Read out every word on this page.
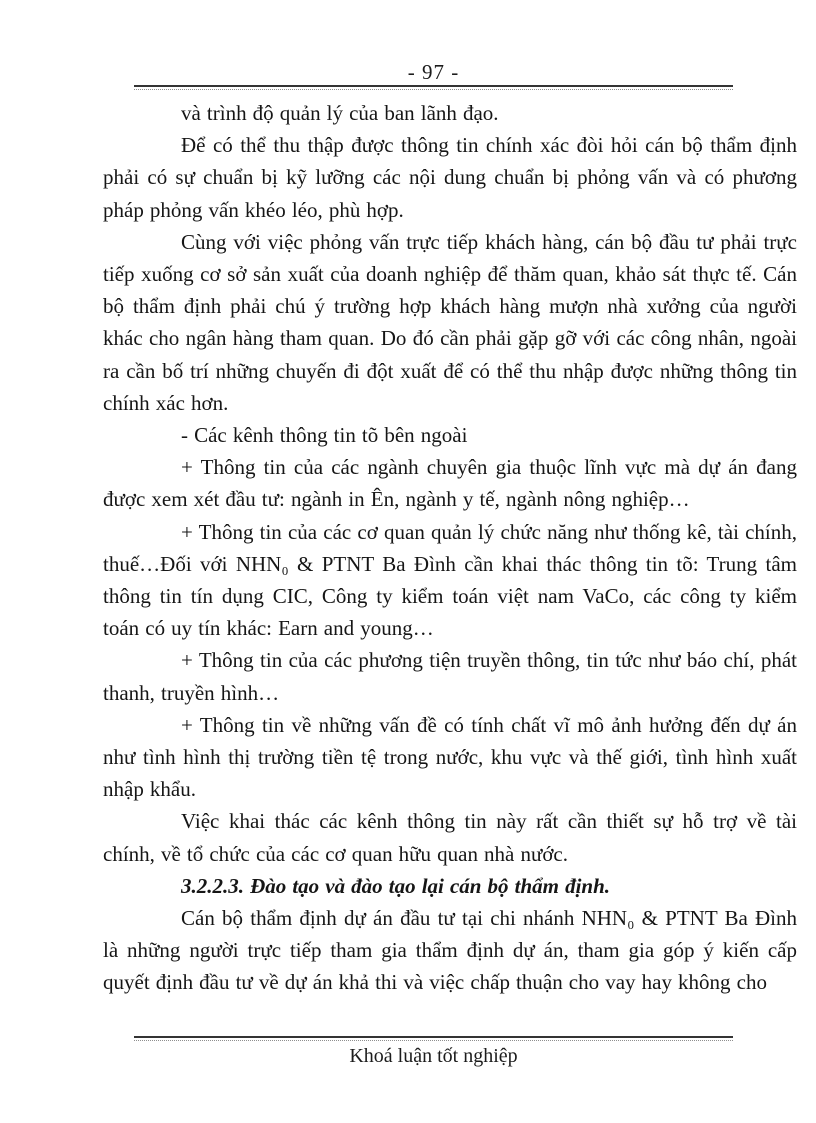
- 97 -

và trình độ quản lý của ban lãnh đạo.

Để có thể thu thập được thông tin chính xác đòi hỏi cán bộ thẩm định phải có sự chuẩn bị kỹ lưỡng các nội dung chuẩn bị phỏng vấn và có phương pháp phỏng vấn khéo léo, phù hợp.

Cùng với việc phỏng vấn trực tiếp khách hàng, cán bộ đầu tư phải trực tiếp xuống cơ sở sản xuất của doanh nghiệp để thăm quan, khảo sát thực tế. Cán bộ thẩm định phải chú ý trường hợp khách hàng mượn nhà xưởng của người khác cho ngân hàng tham quan. Do đó cần phải gặp gỡ với các công nhân, ngoài ra cần bố trí những chuyến đi đột xuất để có thể thu nhập được những thông tin chính xác hơn.

- Các kênh thông tin tõ bên ngoài

+ Thông tin của các ngành chuyên gia thuộc lĩnh vực mà dự án đang được xem xét đầu tư: ngành in Ên, ngành y tế, ngành nông nghiệp…

+ Thông tin của các cơ quan quản lý chức năng như thống kê, tài chính, thuế…Đối với NHN₀ & PTNT Ba Đình cần khai thác thông tin tõ: Trung tâm thông tin tín dụng CIC, Công ty kiểm toán việt nam VaCo, các công ty kiểm toán có uy tín khác: Earn and young…

+ Thông tin của các phương tiện truyền thông, tin tức như báo chí, phát thanh, truyền hình…

+ Thông tin về những vấn đề có tính chất vĩ mô ảnh hưởng đến dự án như tình hình thị trường tiền tệ trong nước, khu vực và thế giới, tình hình xuất nhập khẩu.

Việc khai thác các kênh thông tin này rất cần thiết sự hỗ trợ về tài chính, về tổ chức của các cơ quan hữu quan nhà nước.

3.2.2.3. Đào tạo và đào tạo lại cán bộ thẩm định.

Cán bộ thẩm định dự án đầu tư tại chi nhánh NHN₀ & PTNT Ba Đình là những người trực tiếp tham gia thẩm định dự án, tham gia góp ý kiến cấp quyết định đầu tư về dự án khả thi và việc chấp thuận cho vay hay không cho

Khoá luận tốt nghiệp
